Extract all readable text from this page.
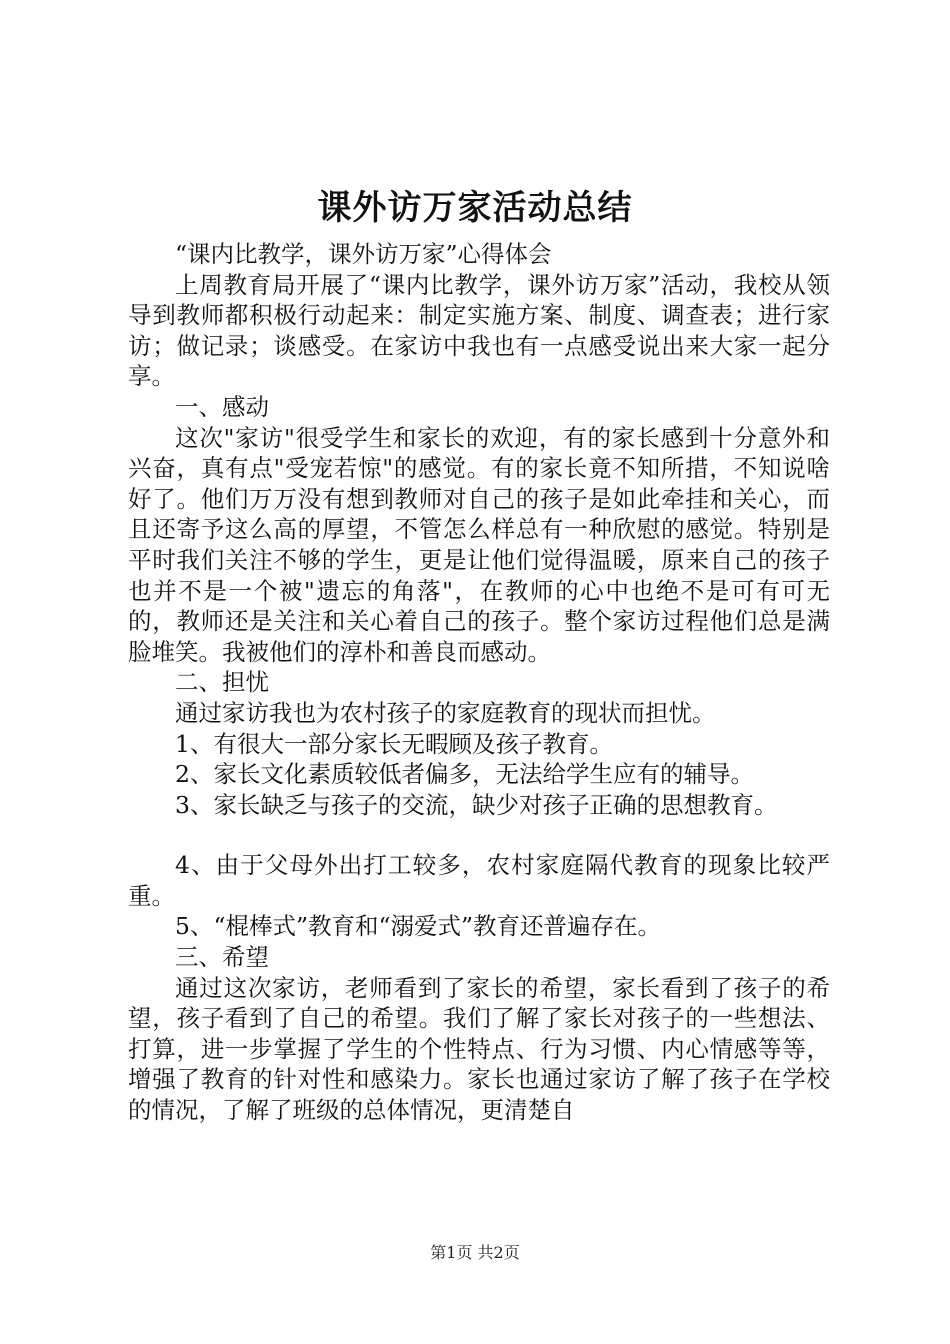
课外访万家活动总结

“课内比教学，课外访万家”心得体会

上周教育局开展了“课内比教学，课外访万家”活动，我校从领导到教师都积极行动起来：制定实施方案、制度、调查表；进行家访；做记录；谈感受。在家访中我也有一点感受说出来大家一起分享。

一、感动

这次"家访"很受学生和家长的欢迎，有的家长感到十分意外和兴奋，真有点"受宠若惊"的感觉。有的家长竟不知所措，不知说啥好了。他们万万没有想到教师对自己的孩子是如此牵挂和关心，而且还寄予这么高的厚望，不管怎么样总有一种欣慰的感觉。特别是平时我们关注不够的学生，更是让他们觉得温暖，原来自己的孩子也并不是一个被"遗忘的角落"，在教师的心中也绝不是可有可无的，教师还是关注和关心着自己的孩子。整个家访过程他们总是满脸堆笑。我被他们的淳朴和善良而感动。

二、担忧

通过家访我也为农村孩子的家庭教育的现状而担忧。

1、有很大一部分家长无暇顾及孩子教育。

2、家长文化素质较低者偏多，无法给学生应有的辅导。

3、家长缺乏与孩子的交流，缺少对孩子正确的思想教育。

4、由于父母外出打工较多，农村家庭隔代教育的现象比较严重。

5、“棍棒式”教育和“溺爱式”教育还普遍存在。

三、希望

通过这次家访，老师看到了家长的希望，家长看到了孩子的希望，孩子看到了自己的希望。我们了解了家长对孩子的一些想法、打算，进一步掌握了学生的个性特点、行为习惯、内心情感等等，增强了教育的针对性和感染力。家长也通过家访了解了孩子在学校的情况，了解了班级的总体情况，更清楚自

第1页 共2页
